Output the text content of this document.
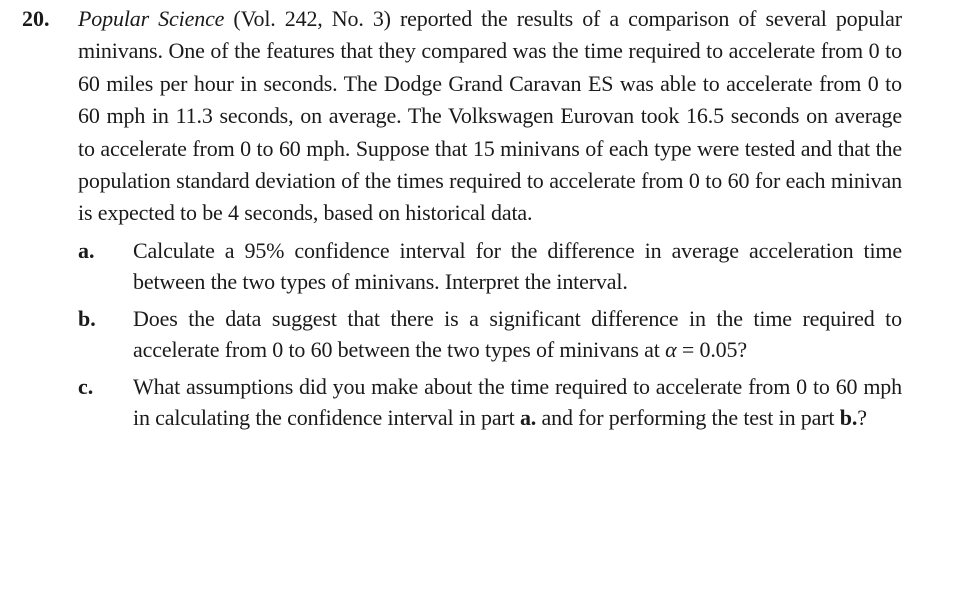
20.	Popular Science (Vol. 242, No. 3) reported the results of a comparison of several popular minivans. One of the features that they compared was the time required to accelerate from 0 to 60 miles per hour in seconds. The Dodge Grand Caravan ES was able to accelerate from 0 to 60 mph in 11.3 seconds, on average. The Volkswagen Eurovan took 16.5 seconds on average to accelerate from 0 to 60 mph. Suppose that 15 minivans of each type were tested and that the population standard deviation of the times required to accelerate from 0 to 60 for each minivan is expected to be 4 seconds, based on historical data.
a.	Calculate a 95% confidence interval for the difference in average acceleration time between the two types of minivans. Interpret the interval.
b.	Does the data suggest that there is a significant difference in the time required to accelerate from 0 to 60 between the two types of minivans at α = 0.05?
c.	What assumptions did you make about the time required to accelerate from 0 to 60 mph in calculating the confidence interval in part a. and for performing the test in part b.?
